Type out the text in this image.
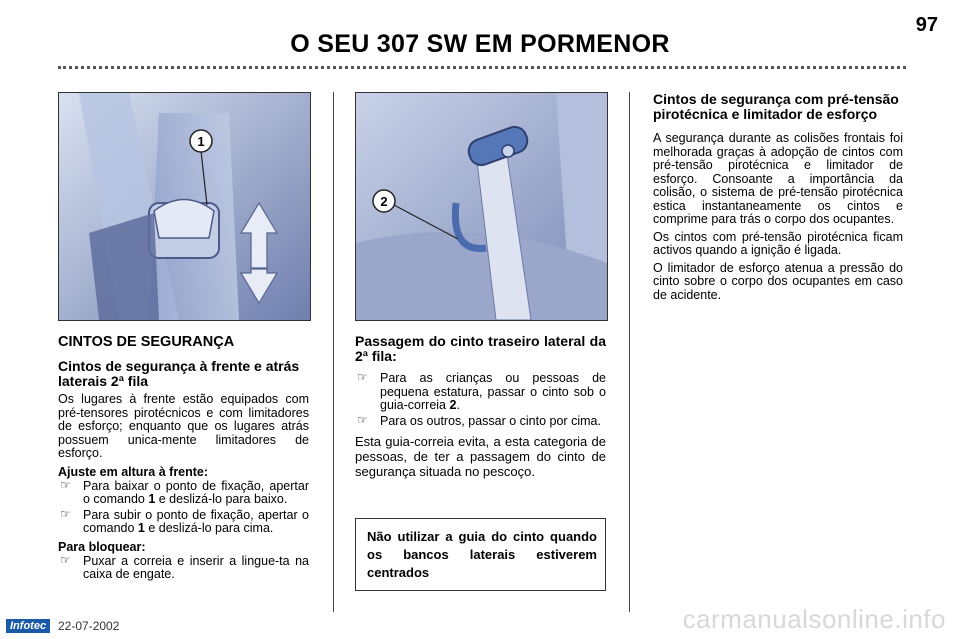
97
O SEU 307 SW EM PORMENOR
1
2
CINTOS DE SEGURANÇA
Cintos de segurança à frente e atrás laterais 2ª fila

Os lugares à frente estão equipados com pré-tensores pirotécnicos e com limitadores de esforço; enquanto que os lugares atrás possuem unica-mente limitadores de esforço.

Ajuste em altura à frente:
☞ Para baixar o ponto de fixação, apertar o comando 1 e deslizá-lo para baixo.
☞ Para subir o ponto de fixação, apertar o comando 1 e deslizá-lo para cima.
Para bloquear:
☞ Puxar a correia e inserir a lingue-ta na caixa de engate.
Passagem do cinto traseiro lateral da 2ª fila:
☞ Para as crianças ou pessoas de pequena estatura, passar o cinto sob o guia-correia 2.
☞ Para os outros, passar o cinto por cima.

Esta guia-correia evita, a esta categoria de pessoas, de ter a passagem do cinto de segurança situada no pescoço.

Não utilizar a guia do cinto quando os bancos laterais estiverem centrados
Cintos de segurança com pré-tensão pirotécnica e limitador de esforço

A segurança durante as colisões frontais foi melhorada graças à adopção de cintos com pré-tensão pirotécnica e limitador de esforço. Consoante a importância da colisão, o sistema de pré-tensão pirotécnica estica instantaneamente os cintos e comprime para trás o corpo dos ocupantes.

Os cintos com pré-tensão pirotécnica ficam activos quando a ignição é ligada.

O limitador de esforço atenua a pressão do cinto sobre o corpo dos ocupantes em caso de acidente.

Infotec 22-07-2002	carmanualsonline.info
